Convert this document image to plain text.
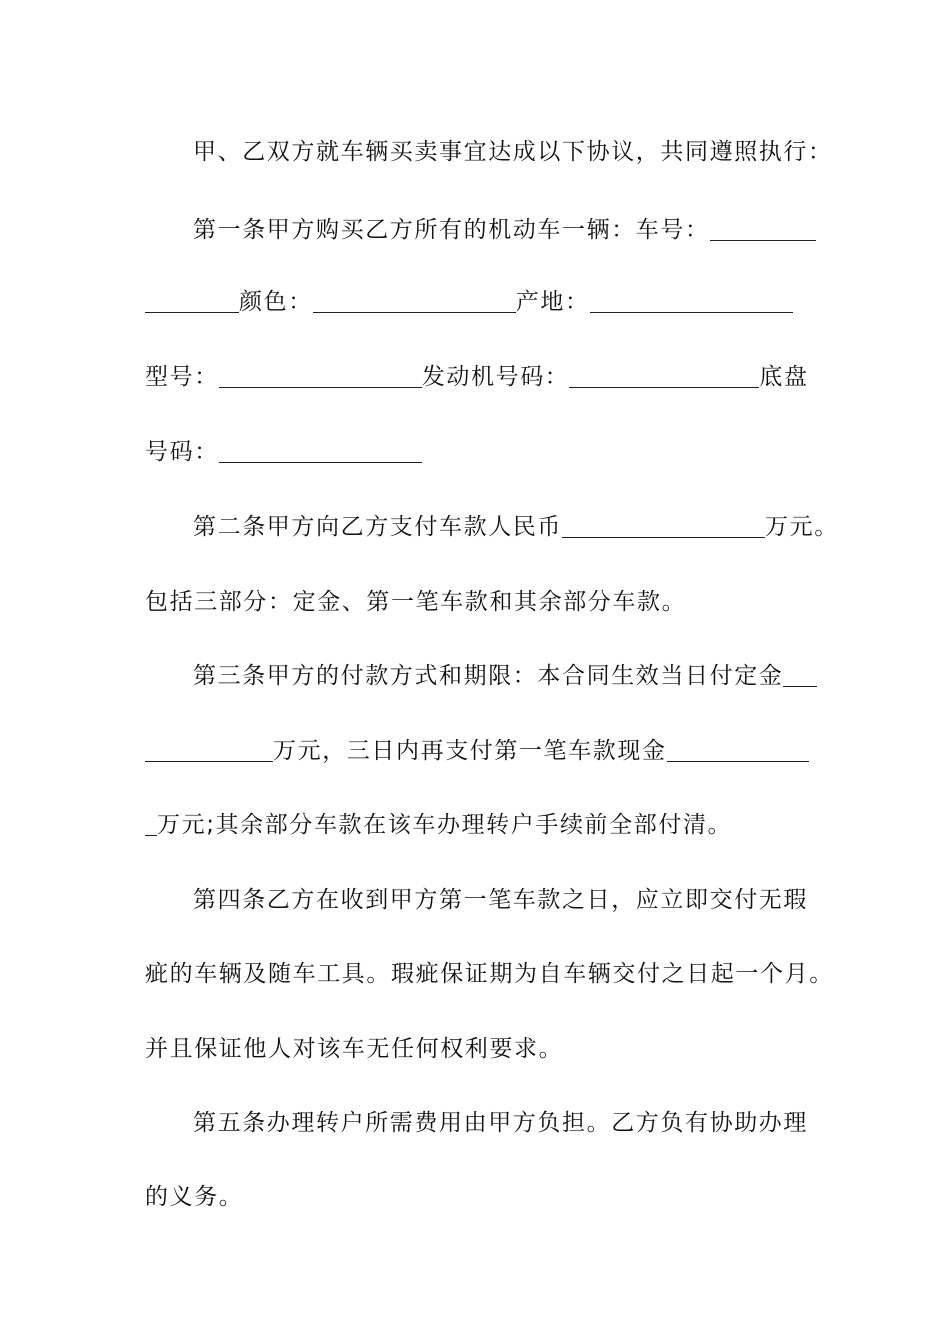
甲、乙双方就车辆买卖事宜达成以下协议，共同遵照执行：
第一条甲方购买乙方所有的机动车一辆：车号：
颜色：	产地：
型号：	发动机号码：	底盘
号码：
第二条甲方向乙方支付车款人民币	万元。
包括三部分：定金、第一笔车款和其余部分车款。
第三条甲方的付款方式和期限：本合同生效当日付定金
万元，三日内再支付第一笔车款现金
万元;其余部分车款在该车办理转户手续前全部付清。
第四条乙方在收到甲方第一笔车款之日，应立即交付无瑕
疵的车辆及随车工具。瑕疵保证期为自车辆交付之日起一个月。
并且保证他人对该车无任何权利要求。
第五条办理转户所需费用由甲方负担。乙方负有协助办理
的义务。
